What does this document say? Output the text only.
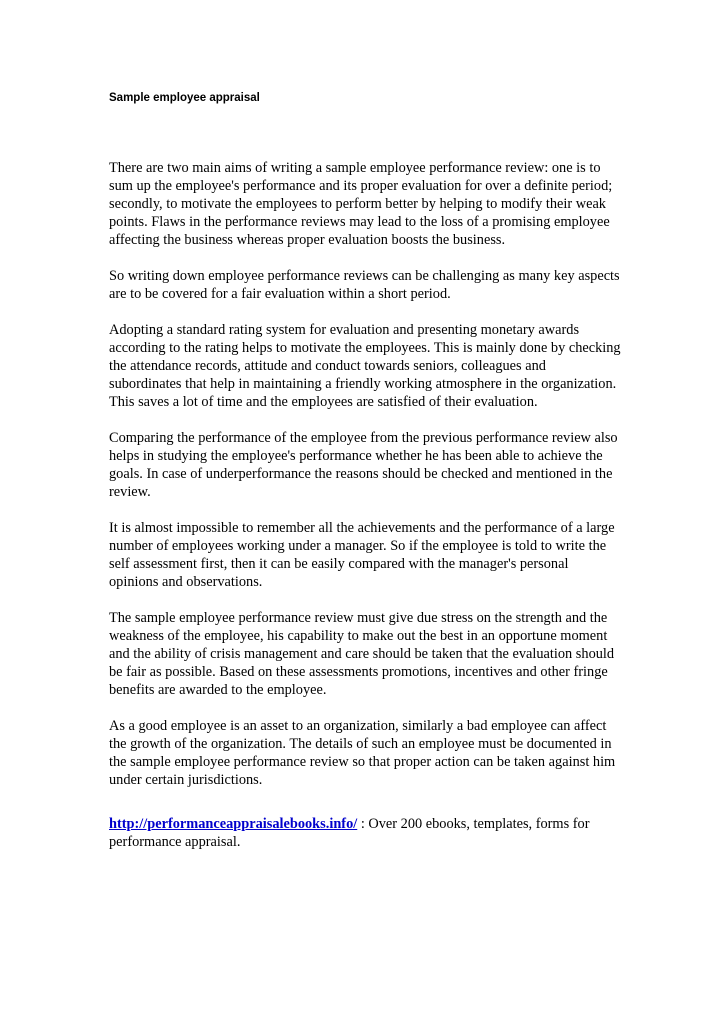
Sample employee appraisal

There are two main aims of writing a sample employee performance review: one is to sum up the employee's performance and its proper evaluation for over a definite period; secondly, to motivate the employees to perform better by helping to modify their weak points. Flaws in the performance reviews may lead to the loss of a promising employee affecting the business whereas proper evaluation boosts the business.

So writing down employee performance reviews can be challenging as many key aspects are to be covered for a fair evaluation within a short period.

Adopting a standard rating system for evaluation and presenting monetary awards according to the rating helps to motivate the employees. This is mainly done by checking the attendance records, attitude and conduct towards seniors, colleagues and subordinates that help in maintaining a friendly working atmosphere in the organization. This saves a lot of time and the employees are satisfied of their evaluation.

Comparing the performance of the employee from the previous performance review also helps in studying the employee's performance whether he has been able to achieve the goals. In case of underperformance the reasons should be checked and mentioned in the review.

It is almost impossible to remember all the achievements and the performance of a large number of employees working under a manager. So if the employee is told to write the self assessment first, then it can be easily compared with the manager's personal opinions and observations.

The sample employee performance review must give due stress on the strength and the weakness of the employee, his capability to make out the best in an opportune moment and the ability of crisis management and care should be taken that the evaluation should be fair as possible. Based on these assessments promotions, incentives and other fringe benefits are awarded to the employee.

As a good employee is an asset to an organization, similarly a bad employee can affect the growth of the organization. The details of such an employee must be documented in the sample employee performance review so that proper action can be taken against him under certain jurisdictions.

http://performanceappraisalebooks.info/ : Over 200 ebooks, templates, forms for performance appraisal.
